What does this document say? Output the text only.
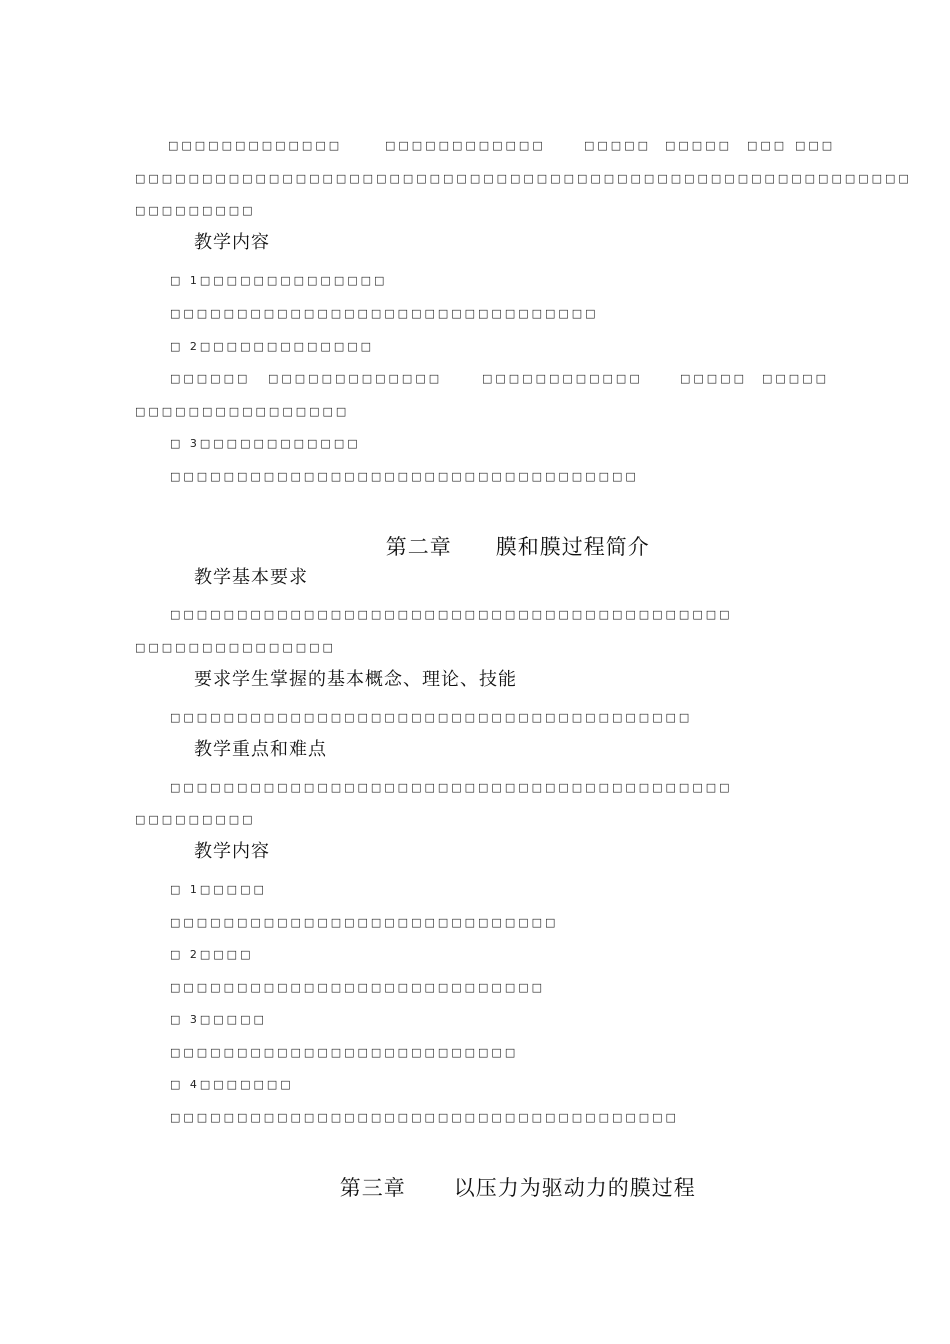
□□□□□□□□□□□□□	□□□□□□□□□□□□	□□□□□ □□□□□ □□□ □□□
□□□□□□□□□□□□□□□□□□□□□□□□□□□□□□□□□□□□□□□□□□□□□□□□□□□□□□□□□□
□□□□□□□□□
教学内容
□ 1□□□□□□□□□□□□□□
□□□□□□□□□□□□□□□□□□□□□□□□□□□□□□□□
□ 2□□□□□□□□□□□□□
□□□□□□ □□□□□□□□□□□□□	□□□□□□□□□□□□	□□□□□ □□□□□
□□□□□□□□□□□□□□□□
□ 3□□□□□□□□□□□□
□□□□□□□□□□□□□□□□□□□□□□□□□□□□□□□□□□□

第二章 膜和膜过程简介

教学基本要求
□□□□□□□□□□□□□□□□□□□□□□□□□□□□□□□□□□□□□□□□□□
□□□□□□□□□□□□□□□
要求学生掌握的基本概念、理论、技能
□□□□□□□□□□□□□□□□□□□□□□□□□□□□□□□□□□□□□□□
教学重点和难点
□□□□□□□□□□□□□□□□□□□□□□□□□□□□□□□□□□□□□□□□□□
□□□□□□□□□
教学内容
□ 1□□□□□
□□□□□□□□□□□□□□□□□□□□□□□□□□□□□
□ 2□□□□
□□□□□□□□□□□□□□□□□□□□□□□□□□□□
□ 3□□□□□
□□□□□□□□□□□□□□□□□□□□□□□□□□
□ 4□□□□□□□
□□□□□□□□□□□□□□□□□□□□□□□□□□□□□□□□□□□□□□

第三章 以压力为驱动力的膜过程
